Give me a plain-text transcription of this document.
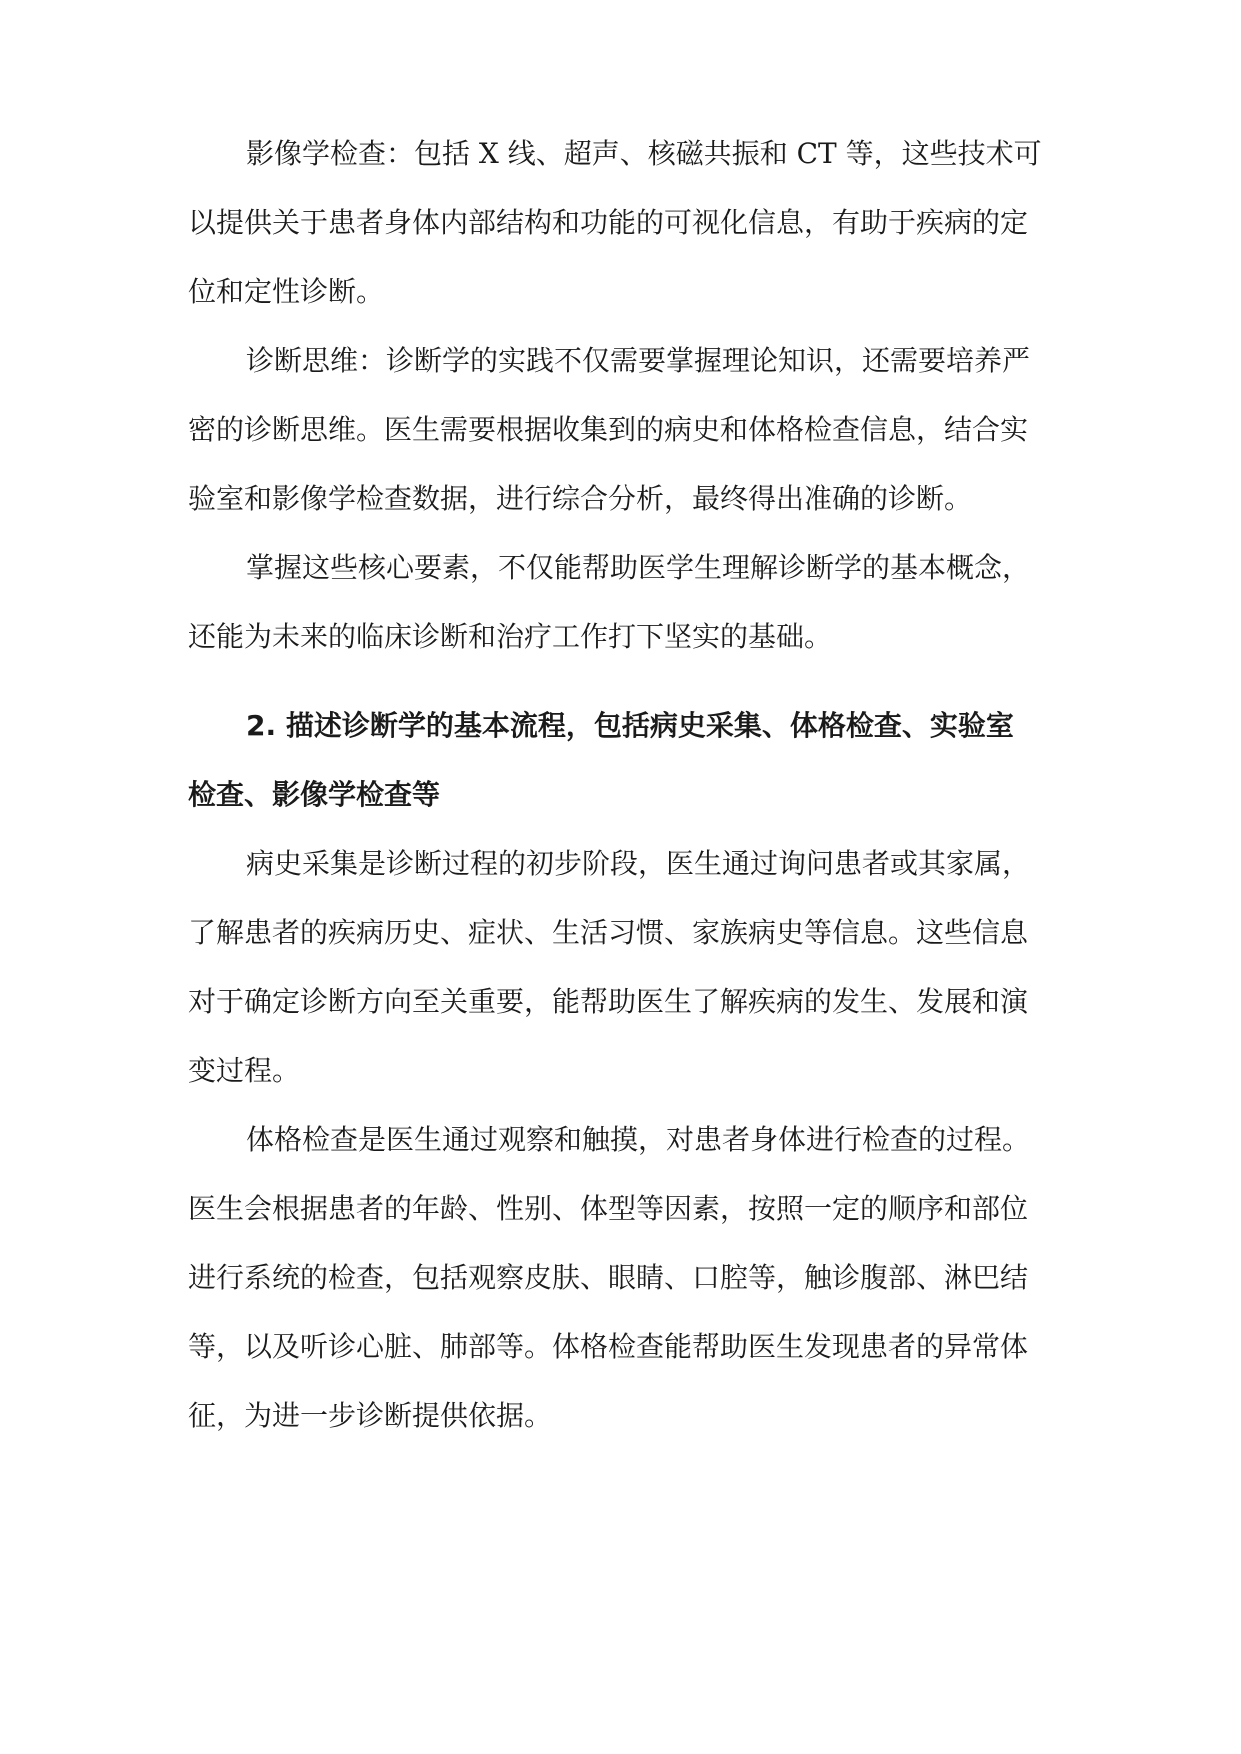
影像学检查：包括 X 线、超声、核磁共振和 CT 等，这些技术可
以提供关于患者身体内部结构和功能的可视化信息，有助于疾病的定
位和定性诊断。
诊断思维：诊断学的实践不仅需要掌握理论知识，还需要培养严
密的诊断思维。医生需要根据收集到的病史和体格检查信息，结合实
验室和影像学检查数据，进行综合分析，最终得出准确的诊断。
掌握这些核心要素，不仅能帮助医学生理解诊断学的基本概念，
还能为未来的临床诊断和治疗工作打下坚实的基础。
2. 描述诊断学的基本流程，包括病史采集、体格检查、实验室
检查、影像学检查等
病史采集是诊断过程的初步阶段，医生通过询问患者或其家属，
了解患者的疾病历史、症状、生活习惯、家族病史等信息。这些信息
对于确定诊断方向至关重要，能帮助医生了解疾病的发生、发展和演
变过程。
体格检查是医生通过观察和触摸，对患者身体进行检查的过程。
医生会根据患者的年龄、性别、体型等因素，按照一定的顺序和部位
进行系统的检查，包括观察皮肤、眼睛、口腔等，触诊腹部、淋巴结
等，以及听诊心脏、肺部等。体格检查能帮助医生发现患者的异常体
征，为进一步诊断提供依据。
